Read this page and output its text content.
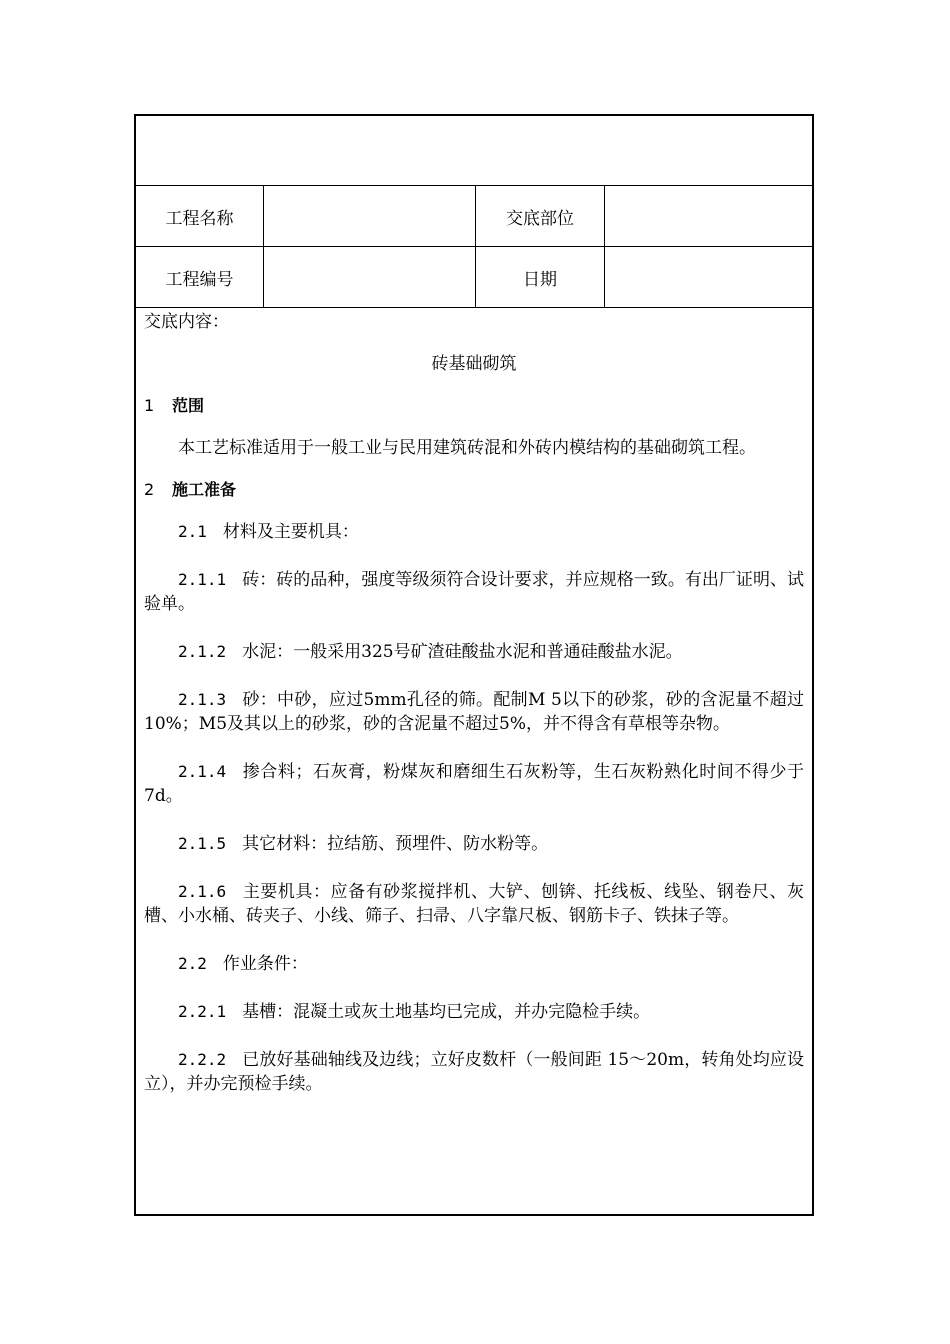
工程名称	交底部位
工程编号	日期

交底内容：

砖基础砌筑

1 范围

本工艺标准适用于一般工业与民用建筑砖混和外砖内模结构的基础砌筑工程。

2 施工准备

2.1 材料及主要机具：

2.1.1 砖：砖的品种，强度等级须符合设计要求，并应规格一致。有出厂证明、试验单。

2.1.2 水泥：一般采用325号矿渣硅酸盐水泥和普通硅酸盐水泥。

2.1.3 砂：中砂，应过5mm孔径的筛。配制M 5以下的砂浆，砂的含泥量不超过10%；M5及其以上的砂浆，砂的含泥量不超过5%，并不得含有草根等杂物。

2.1.4 掺合料；石灰膏，粉煤灰和磨细生石灰粉等，生石灰粉熟化时间不得少于7d。

2.1.5 其它材料：拉结筋、预埋件、防水粉等。

2.1.6 主要机具：应备有砂浆搅拌机、大铲、刨锛、托线板、线坠、钢卷尺、灰槽、小水桶、砖夹子、小线、筛子、扫帚、八字靠尺板、钢筋卡子、铁抹子等。

2.2 作业条件：

2.2.1 基槽：混凝土或灰土地基均已完成，并办完隐检手续。

2.2.2 已放好基础轴线及边线；立好皮数杆（一般间距 15～20m，转角处均应设立），并办完预检手续。
